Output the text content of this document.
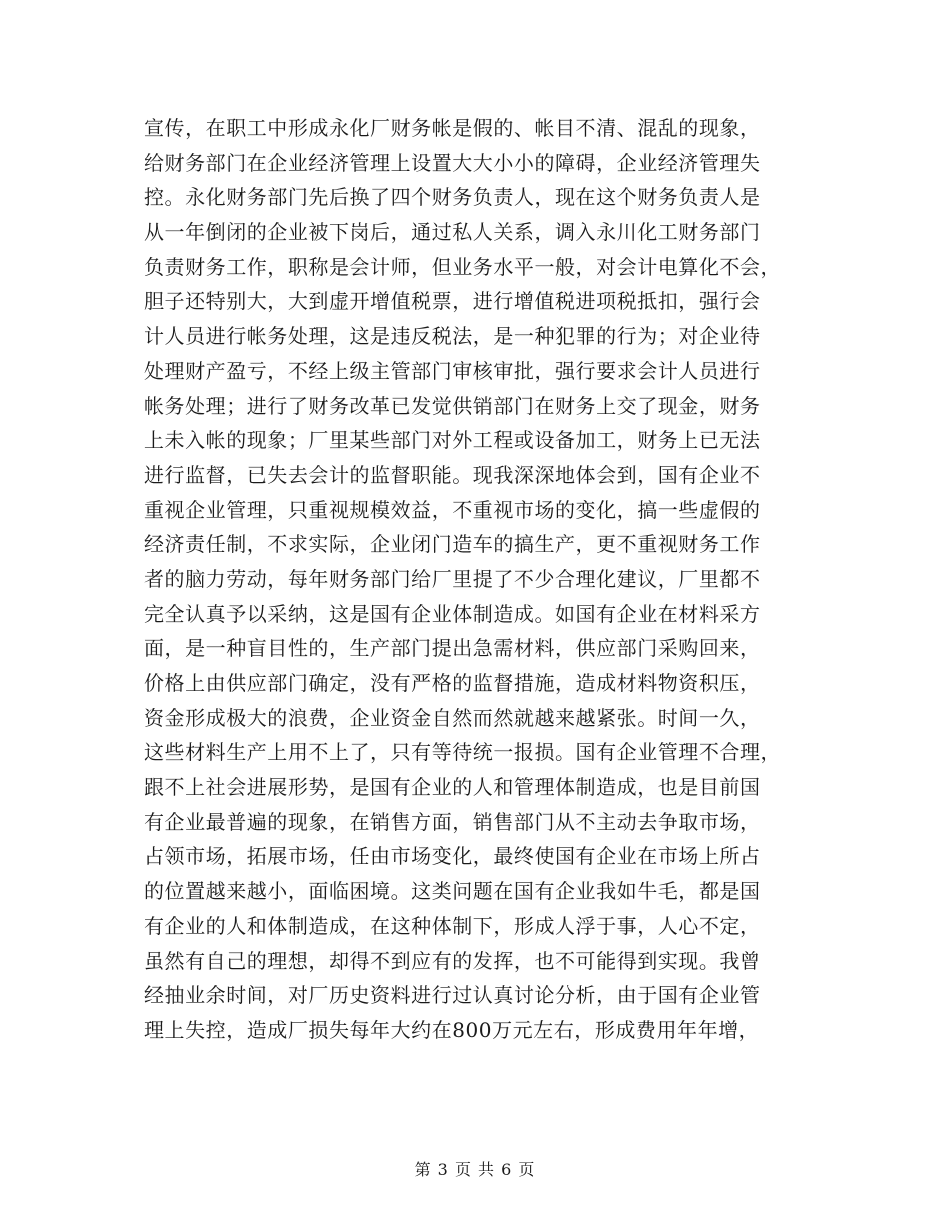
宣传，在职工中形成永化厂财务帐是假的、帐目不清、混乱的现象，
给财务部门在企业经济管理上设置大大小小的障碍，企业经济管理失
控。永化财务部门先后换了四个财务负责人，现在这个财务负责人是
从一年倒闭的企业被下岗后，通过私人关系，调入永川化工财务部门
负责财务工作，职称是会计师，但业务水平一般，对会计电算化不会，
胆子还特别大，大到虚开增值税票，进行增值税进项税抵扣，强行会
计人员进行帐务处理，这是违反税法，是一种犯罪的行为；对企业待
处理财产盈亏，不经上级主管部门审核审批，强行要求会计人员进行
帐务处理；进行了财务改革已发觉供销部门在财务上交了现金，财务
上未入帐的现象；厂里某些部门对外工程或设备加工，财务上已无法
进行监督，已失去会计的监督职能。现我深深地体会到，国有企业不
重视企业管理，只重视规模效益，不重视市场的变化，搞一些虚假的
经济责任制，不求实际，企业闭门造车的搞生产，更不重视财务工作
者的脑力劳动，每年财务部门给厂里提了不少合理化建议，厂里都不
完全认真予以采纳，这是国有企业体制造成。如国有企业在材料采方
面，是一种盲目性的，生产部门提出急需材料，供应部门采购回来，
价格上由供应部门确定，没有严格的监督措施，造成材料物资积压，
资金形成极大的浪费，企业资金自然而然就越来越紧张。时间一久，
这些材料生产上用不上了，只有等待统一报损。国有企业管理不合理，
跟不上社会进展形势，是国有企业的人和管理体制造成，也是目前国
有企业最普遍的现象，在销售方面，销售部门从不主动去争取市场，
占领市场，拓展市场，任由市场变化，最终使国有企业在市场上所占
的位置越来越小，面临困境。这类问题在国有企业我如牛毛，都是国
有企业的人和体制造成，在这种体制下，形成人浮于事，人心不定，
虽然有自己的理想，却得不到应有的发挥，也不可能得到实现。我曾
经抽业余时间，对厂历史资料进行过认真讨论分析，由于国有企业管
理上失控，造成厂损失每年大约在800万元左右，形成费用年年增，
第 3 页 共 6 页
